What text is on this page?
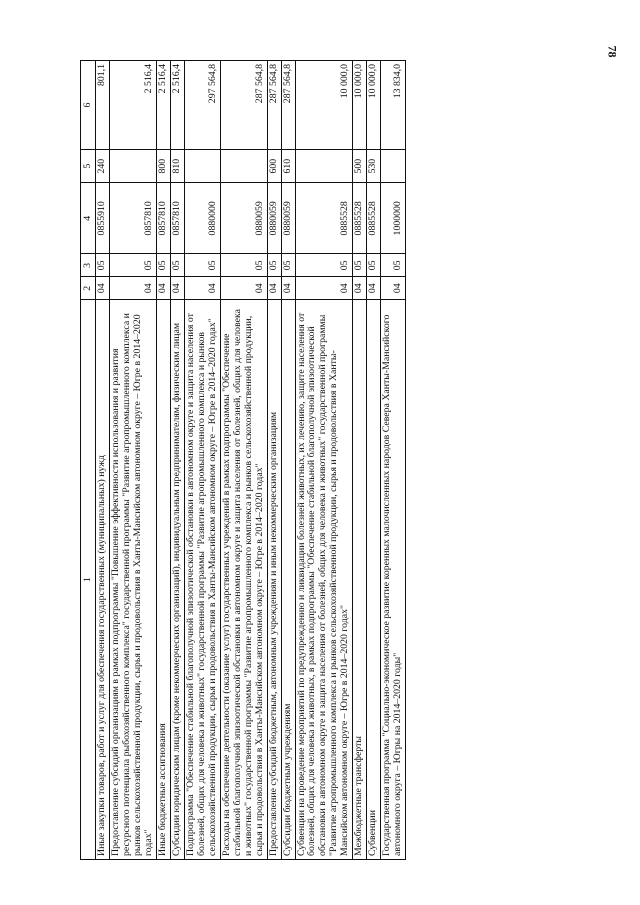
78
1	2	3	4	5	6
Иные закупки товаров, работ и услуг для обеспечения государственных (муниципальных) нужд	04	05	0855910	240	801,1
Предоставление субсидий организациям в рамках подпрограммы "Повышение эффективности использования и развития ресурсного потенциала рыбохозяйственного комплекса" государственной программы "Развитие агропромышленного комплекса и рынков сельскохозяйственной продукции, сырья и продовольствия в Ханты-Мансийском автономном округе – Югре в 2014–2020 годах"	04	05	0857810		2 516,4
Иные бюджетные ассигнования	04	05	0857810	800	2 516,4
Субсидии юридическим лицам (кроме некоммерческих организаций), индивидуальным предпринимателям, физическим лицам	04	05	0857810	810	2 516,4
Подпрограмма "Обеспечение стабильной благополучной эпизоотической обстановки в автономном округе и защита населения от болезней, общих для человека и животных" государственной программы "Развитие агропромышленного комплекса и рынков сельскохозяйственной продукции, сырья и продовольствия в Ханты-Мансийском автономном округе – Югре в 2014–2020 годах"	04	05	0880000		297 564,8
Расходы на обеспечение деятельности (оказание услуг) государственных учреждений в рамках подпрограммы "Обеспечение стабильной благополучной эпизоотической обстановки в автономном округе и защита населения от болезней, общих для человека и животных" государственной программы "Развитие агропромышленного комплекса и рынков сельскохозяйственной продукции, сырья и продовольствия в Ханты-Мансийском автономном округе – Югре в 2014–2020 годах"	04	05	0880059		287 564,8
Предоставление субсидий бюджетным, автономным учреждениям и иным некоммерческим организациям	04	05	0880059	600	287 564,8
Субсидии бюджетным учреждениям	04	05	0880059	610	287 564,8
Субвенции на проведение мероприятий по предупреждению и ликвидации болезней животных, их лечению, защите населения от болезней, общих для человека и животных, в рамках подпрограммы "Обеспечение стабильной благополучной эпизоотической обстановки в автономном округе и защита населения от болезней, общих для человека и животных" государственной программы "Развитие агропромышленного комплекса и рынков сельскохозяйственной продукции, сырья и продовольствия в Ханты-Мансийском автономном округе – Югре в 2014–2020 годах"	04	05	0885528		10 000,0
Межбюджетные трансферты	04	05	0885528	500	10 000,0
Субвенции	04	05	0885528	530	10 000,0
Государственная программа "Социально-экономическое развитие коренных малочисленных народов Севера Ханты-Мансийского автономного округа – Югры на 2014–2020 годы"	04	05	1000000		13 834,0
